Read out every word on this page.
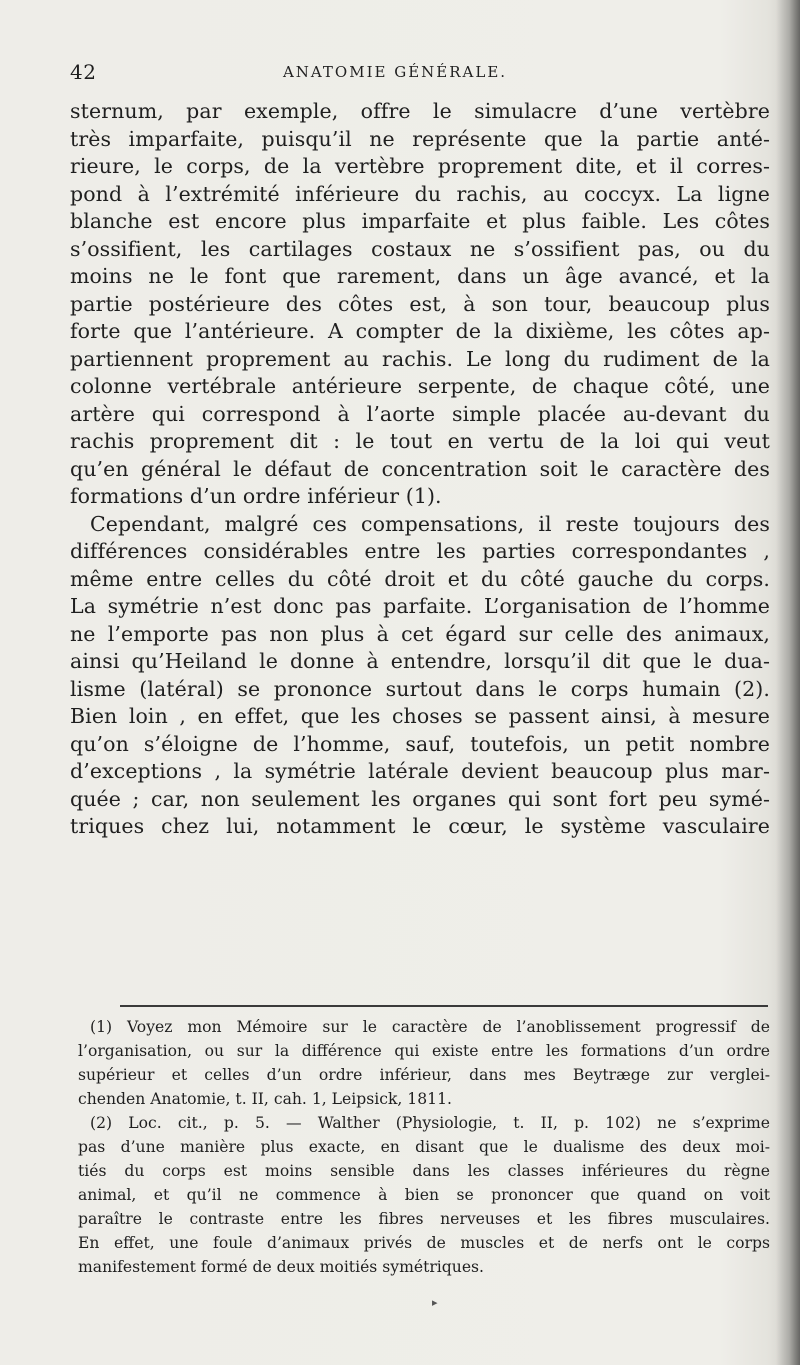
42	ANATOMIE GÉNÉRALE.
sternum, par exemple, offre le simulacre d’une vertèbre
très imparfaite, puisqu’il ne représente que la partie anté-
rieure, le corps, de la vertèbre proprement dite, et il corres-
pond à l’extrémité inférieure du rachis, au coccyx. La ligne
blanche est encore plus imparfaite et plus faible. Les côtes
s’ossifient, les cartilages costaux ne s’ossifient pas, ou du
moins ne le font que rarement, dans un âge avancé, et la
partie postérieure des côtes est, à son tour, beaucoup plus
forte que l’antérieure. A compter de la dixième, les côtes ap-
partiennent proprement au rachis. Le long du rudiment de la
colonne vertébrale antérieure serpente, de chaque côté, une
artère qui correspond à l’aorte simple placée au-devant du
rachis proprement dit : le tout en vertu de la loi qui veut
qu’en général le défaut de concentration soit le caractère des
formations d’un ordre inférieur (1).
Cependant, malgré ces compensations, il reste toujours des
différences considérables entre les parties correspondantes ,
même entre celles du côté droit et du côté gauche du corps.
La symétrie n’est donc pas parfaite. L’organisation de l’homme
ne l’emporte pas non plus à cet égard sur celle des animaux,
ainsi qu’Heiland le donne à entendre, lorsqu’il dit que le dua-
lisme (latéral) se prononce surtout dans le corps humain (2).
Bien loin , en effet, que les choses se passent ainsi, à mesure
qu’on s’éloigne de l’homme, sauf, toutefois, un petit nombre
d’exceptions , la symétrie latérale devient beaucoup plus mar-
quée ; car, non seulement les organes qui sont fort peu symé-
triques chez lui, notamment le cœur, le système vasculaire
(1) Voyez mon Mémoire sur le caractère de l’anoblissement progressif de
l’organisation, ou sur la différence qui existe entre les formations d’un ordre
supérieur et celles d’un ordre inférieur, dans mes Beytræge zur verglei-
chenden Anatomie, t. II, cah. 1, Leipsick, 1811.
(2) Loc. cit., p. 5. — Walther (Physiologie, t. II, p. 102) ne s’exprime
pas d’une manière plus exacte, en disant que le dualisme des deux moi-
tiés du corps est moins sensible dans les classes inférieures du règne
animal, et qu’il ne commence à bien se prononcer que quand on voit
paraître le contraste entre les fibres nerveuses et les fibres musculaires.
En effet, une foule d’animaux privés de muscles et de nerfs ont le corps
manifestement formé de deux moitiés symétriques.
▸
